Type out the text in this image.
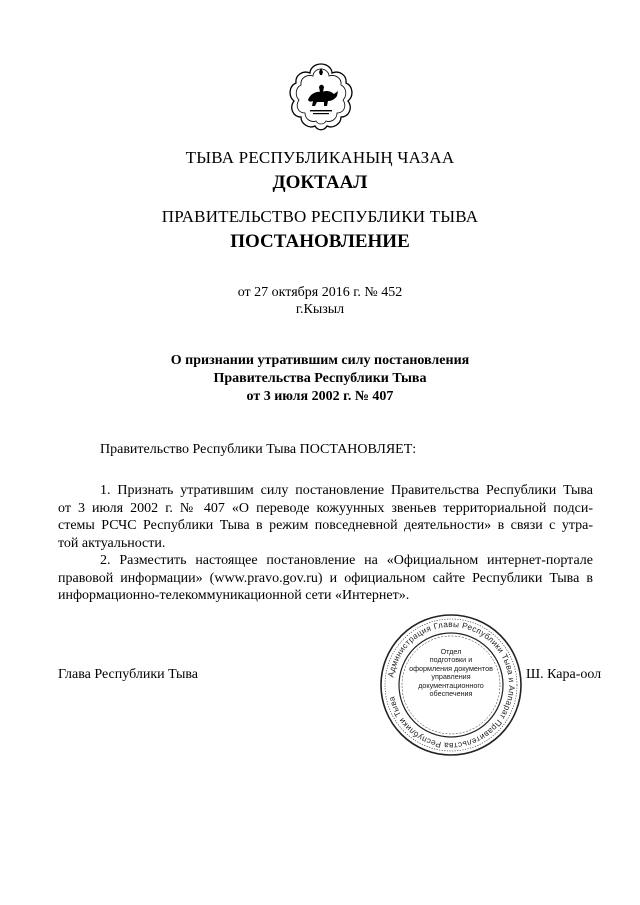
ТЫВА РЕСПУБЛИКАНЫҢ ЧАЗАА
ДОКТААЛ
ПРАВИТЕЛЬСТВО РЕСПУБЛИКИ ТЫВА
ПОСТАНОВЛЕНИЕ
от 27 октября 2016 г. № 452
г.Кызыл
О признании утратившим силу постановления
Правительства Республики Тыва
от 3 июля 2002 г. № 407
Правительство Республики Тыва ПОСТАНОВЛЯЕТ:
1. Признать утратившим силу постановление Правительства Республики Тыва
от 3 июля 2002 г. № 407 «О переводе кожуунных звеньев территориальной подси-
стемы РСЧС Республики Тыва в режим повседневной деятельности» в связи с утра-
той актуальности.
2. Разместить настоящее постановление на «Официальном интернет-портале
правовой информации» (www.pravo.gov.ru) и официальном сайте Республики Тыва в
информационно-телекоммуникационной сети «Интернет».
Глава Республики Тыва	Ш. Кара-оол
Администрация Главы Республики Тыва и Аппарат Правительства Республики Тыва
Отдел
подготовки и
оформления документов
управления
документационного
обеспечения
